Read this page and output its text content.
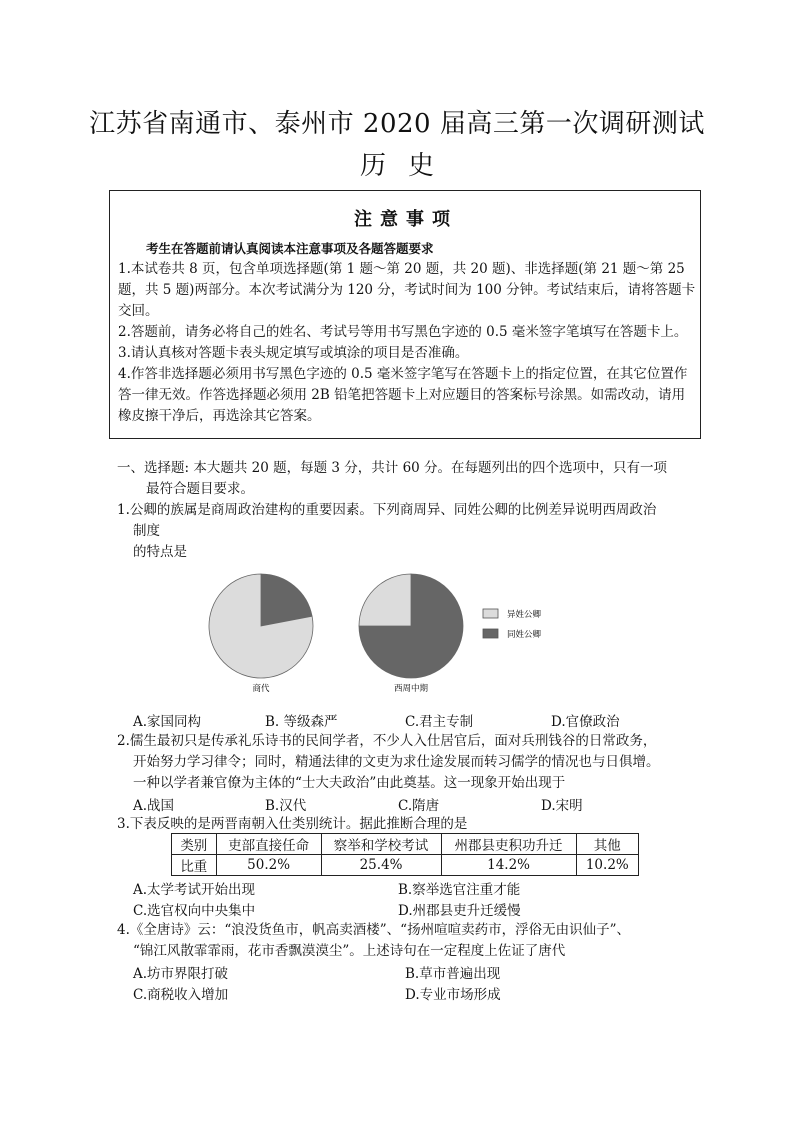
江苏省南通市、泰州市 2020 届高三第一次调研测试
历史
注意事项
考生在答题前请认真阅读本注意事项及各题答题要求
1.本试卷共 8 页，包含单项选择题(第 1 题～第 20 题，共 20 题)、非选择题(第 21 题～第 25 题，共 5 题)两部分。本次考试满分为 120 分，考试时间为 100 分钟。考试结束后，请将答题卡交回。
2.答题前，请务必将自己的姓名、考试号等用书写黑色字迹的 0.5 毫米签字笔填写在答题卡上。
3.请认真核对答题卡表头规定填写或填涂的项目是否准确。
4.作答非选择题必须用书写黑色字迹的 0.5 毫米签字笔写在答题卡上的指定位置，在其它位置作答一律无效。作答选择题必须用 2B 铅笔把答题卡上对应题目的答案标号涂黑。如需改动，请用橡皮擦干净后，再选涂其它答案。
一、选择题: 本大题共 20 题，每题 3 分，共计 60 分。在每题列出的四个选项中，只有一项
最符合题目要求。
1.公卿的族属是商周政治建构的重要因素。下列商周异、同姓公卿的比例差异说明西周政治
制度
的特点是
商代	西周中期
异姓公卿
同姓公卿
A.家国同构	B. 等级森严	C.君主专制	D.官僚政治
2.儒生最初只是传承礼乐诗书的民间学者，不少人入仕居官后，面对兵刑钱谷的日常政务，
开始努力学习律令；同时，精通法律的文吏为求仕途发展而转习儒学的情况也与日俱增。
一种以学者兼官僚为主体的“士大夫政治”由此奠基。这一现象开始出现于
A.战国	B.汉代	C.隋唐	D.宋明
3.下表反映的是两晋南朝入仕类别统计。据此推断合理的是
类别	吏部直接任命	察举和学校考试	州郡县吏积功升迁	其他
比重	50.2%	25.4%	14.2%	10.2%
A.太学考试开始出现	B.察举选官注重才能
C.选官权向中央集中	D.州郡县吏升迁缓慢
4.《全唐诗》云：“浪没货鱼市，帆高卖酒楼”、“扬州喧喧卖药市，浮俗无由识仙子”、
“锦江风散霏霏雨，花市香飘漠漠尘”。上述诗句在一定程度上佐证了唐代
A.坊市界限打破	B.草市普遍出现
C.商税收入增加	D.专业市场形成
